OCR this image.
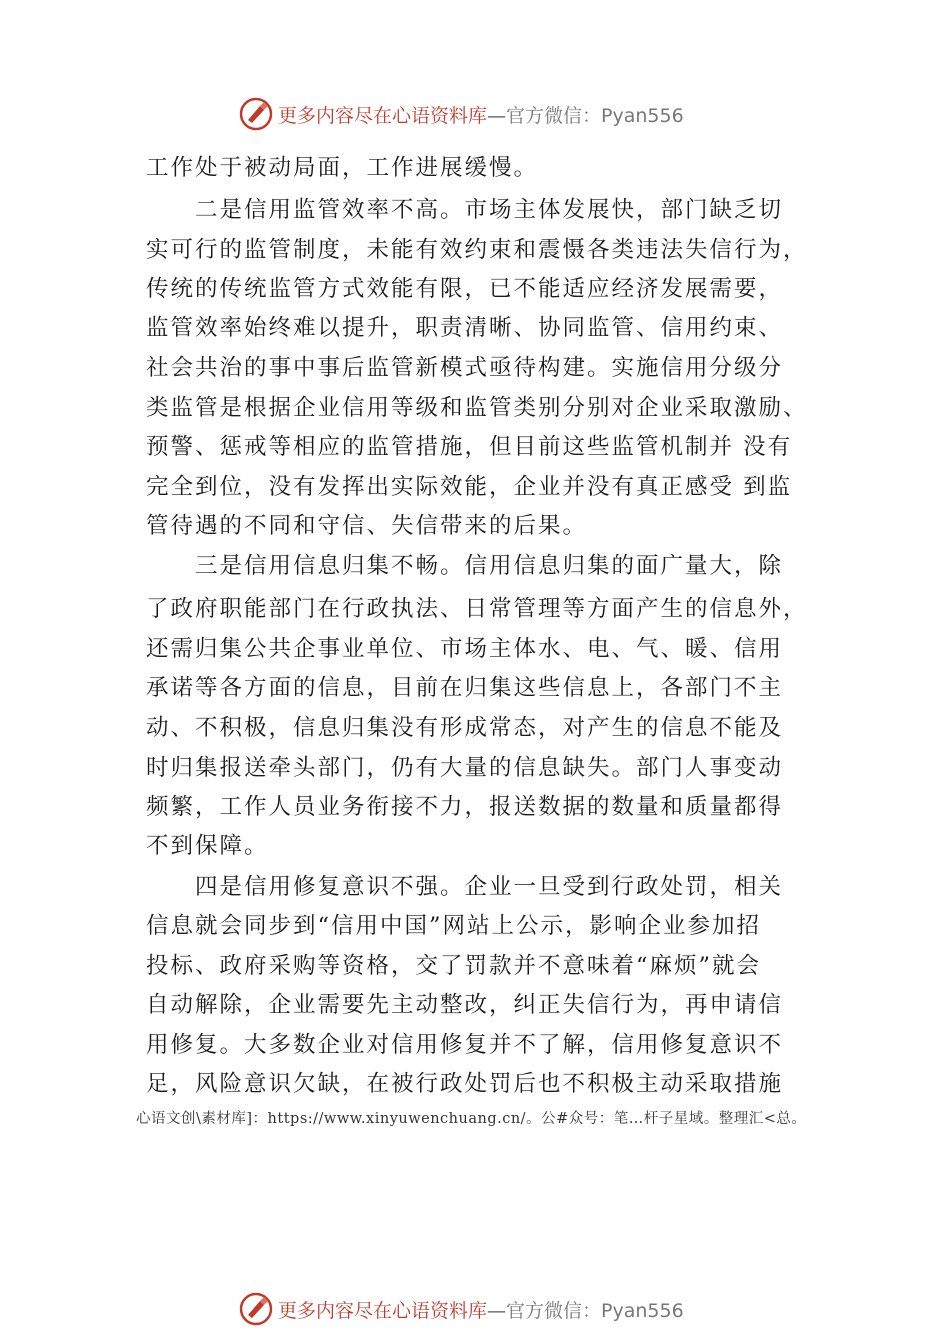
更多内容尽在心语资料库—官方微信：Pyan556
工作处于被动局面，工作进展缓慢。
　　二是信用监管效率不高。市场主体发展快，部门缺乏切
实可行的监管制度，未能有效约束和震慑各类违法失信行为，
传统的传统监管方式效能有限，已不能适应经济发展需要，
监管效率始终难以提升，职责清晰、协同监管、信用约束、
社会共治的事中事后监管新模式亟待构建。实施信用分级分
类监管是根据企业信用等级和监管类别分别对企业采取激励、
预警、惩戒等相应的监管措施，但目前这些监管机制并 没有
完全到位，没有发挥出实际效能，企业并没有真正感受 到监
管待遇的不同和守信、失信带来的后果。
　　三是信用信息归集不畅。信用信息归集的面广量大，除
了政府职能部门在行政执法、日常管理等方面产生的信息外，
还需归集公共企事业单位、市场主体水、电、气、暖、信用
承诺等各方面的信息，目前在归集这些信息上，各部门不主
动、不积极，信息归集没有形成常态，对产生的信息不能及
时归集报送牵头部门，仍有大量的信息缺失。部门人事变动
频繁，工作人员业务衔接不力，报送数据的数量和质量都得
不到保障。
　　四是信用修复意识不强。企业一旦受到行政处罚，相关
信息就会同步到“信用中国”网站上公示，影响企业参加招
投标、政府采购等资格，交了罚款并不意味着“麻烦”就会
自动解除，企业需要先主动整改，纠正失信行为，再申请信
用修复。大多数企业对信用修复并不了解，信用修复意识不
足，风险意识欠缺，在被行政处罚后也不积极主动采取措施
心语文创\素材库]：https://www.xinyuwenchuang.cn/。公#众号：笔…杆子星域。整理汇<总。
更多内容尽在心语资料库—官方微信：Pyan556
